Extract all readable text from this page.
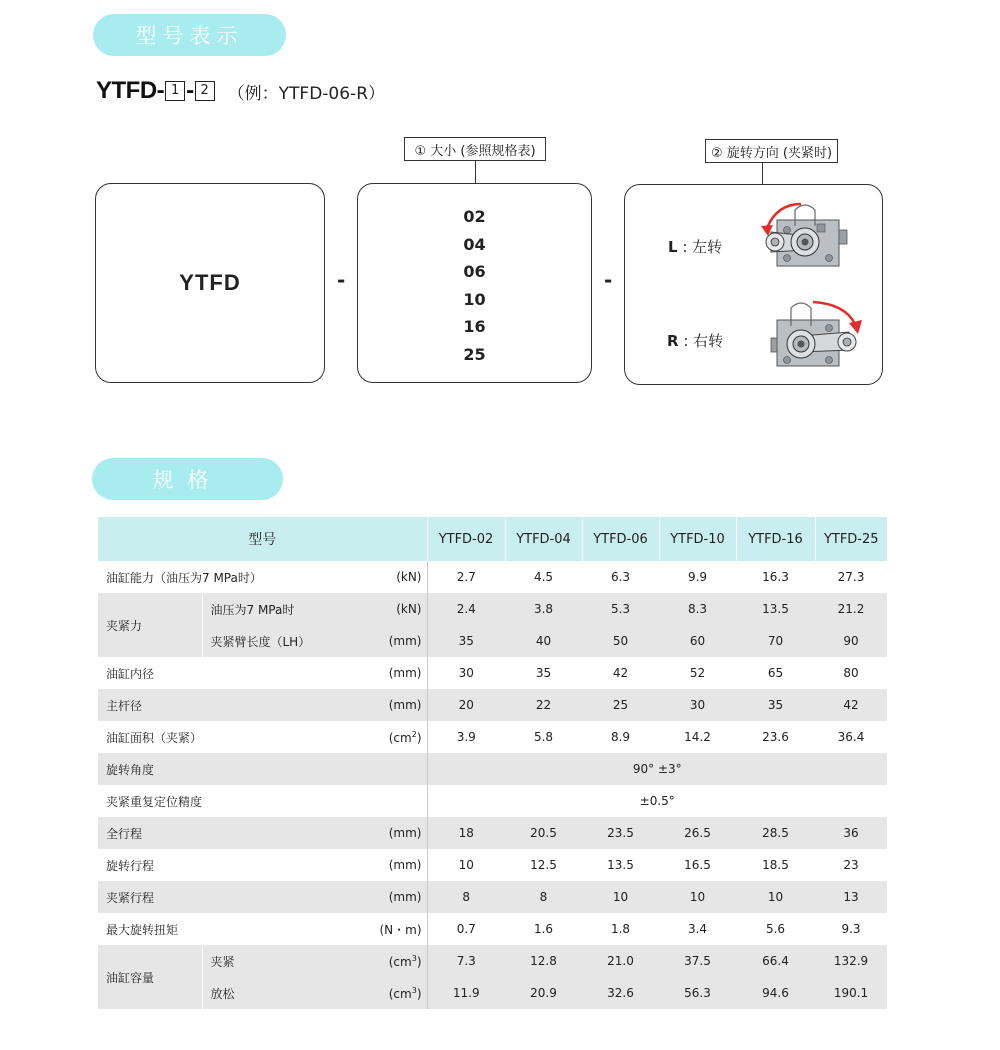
型号表示
YTFD- 1 - 2	（例：YTFD-06-R）
① 大小 (参照规格表)	② 旋转方向 (夹紧时)
YTFD	-
02
04
06
10
16
25
-
L : 左转
R : 右转
规格
型号			YTFD-02	YTFD-04	YTFD-06	YTFD-10	YTFD-16	YTFD-25
油缸能力（油压为7 MPa时）		(kN)	2.7	4.5	6.3	9.9	16.3	27.3
夹紧力	油压为7 MPa时	(kN)	2.4	3.8	5.3	8.3	13.5	21.2
	夹紧臂长度（LH）	(mm)	35	40	50	60	70	90
油缸内径		(mm)	30	35	42	52	65	80
主杆径		(mm)	20	22	25	30	35	42
油缸面积（夹紧）		$(cm^2)$	3.9	5.8	8.9	14.2	23.6	36.4
旋转角度			90° ±3°					
夹紧重复定位精度			±0.5°					
全行程		(mm)	18	20.5	23.5	26.5	28.5	36
旋转行程		(mm)	10	12.5	13.5	16.5	18.5	23
夹紧行程		(mm)	8	8	10	10	10	13
最大旋转扭矩		(N・m)	0.7	1.6	1.8	3.4	5.6	9.3
油缸容量	夹紧	$(cm^3)$	7.3	12.8	21.0	37.5	66.4	132.9
	放松	$(cm^3)$	11.9	20.9	32.6	56.3	94.6	190.1
